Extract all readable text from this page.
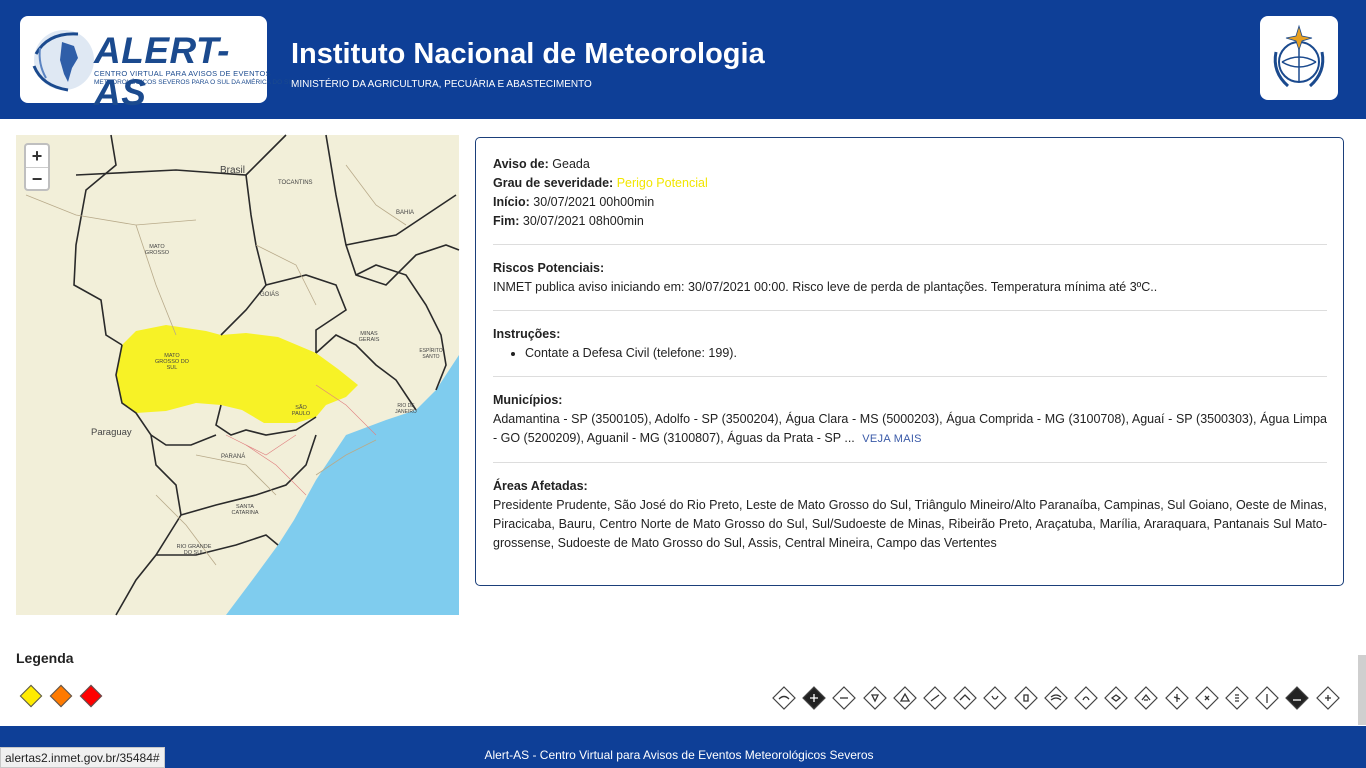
ALERT-AS
CENTRO VIRTUAL PARA AVISOS DE EVENTOS
METEOROLÓGICOS SEVEROS PARA O SUL DA AMÉRICA DO SUL
Instituto Nacional de Meteorologia
MINISTÉRIO DA AGRICULTURA, PECUÁRIA E ABASTECIMENTO
+
−	Brasil
TOCANTINS
BAHIA
MATO GROSSO
GOIÁS
MINAS GERAIS
ESPÍRITO SANTO
MATO GROSSO DO SUL
SÃO PAULO
RIO DE JANEIRO
Paraguay
PARANÁ
SANTA CATARINA
RIO GRANDE DO SUL
Aviso de: Geada
Grau de severidade: Perigo Potencial
Início: 30/07/2021 00h00min
Fim: 30/07/2021 08h00min
Riscos Potenciais:
INMET publica aviso iniciando em: 30/07/2021 00:00. Risco leve de perda de plantações. Temperatura mínima até 3ºC..
Instruções:
• Contate a Defesa Civil (telefone: 199).
Municípios:
Adamantina - SP (3500105), Adolfo - SP (3500204), Água Clara - MS (5000203), Água Comprida - MG (3100708), Aguaí - SP (3500303), Água Limpa - GO (5200209), Aguanil - MG (3100807), Águas da Prata - SP ... VEJA MAIS
Áreas Afetadas:
Presidente Prudente, São José do Rio Preto, Leste de Mato Grosso do Sul, Triângulo Mineiro/Alto Paranaíba, Campinas, Sul Goiano, Oeste de Minas, Piracicaba, Bauru, Centro Norte de Mato Grosso do Sul, Sul/Sudoeste de Minas, Ribeirão Preto, Araçatuba, Marília, Araraquara, Pantanais Sul Mato-grossense, Sudoeste de Mato Grosso do Sul, Assis, Central Mineira, Campo das Vertentes
Legenda
Alert-AS - Centro Virtual para Avisos de Eventos Meteorológicos Severos
alertas2.inmet.gov.br/35484#
